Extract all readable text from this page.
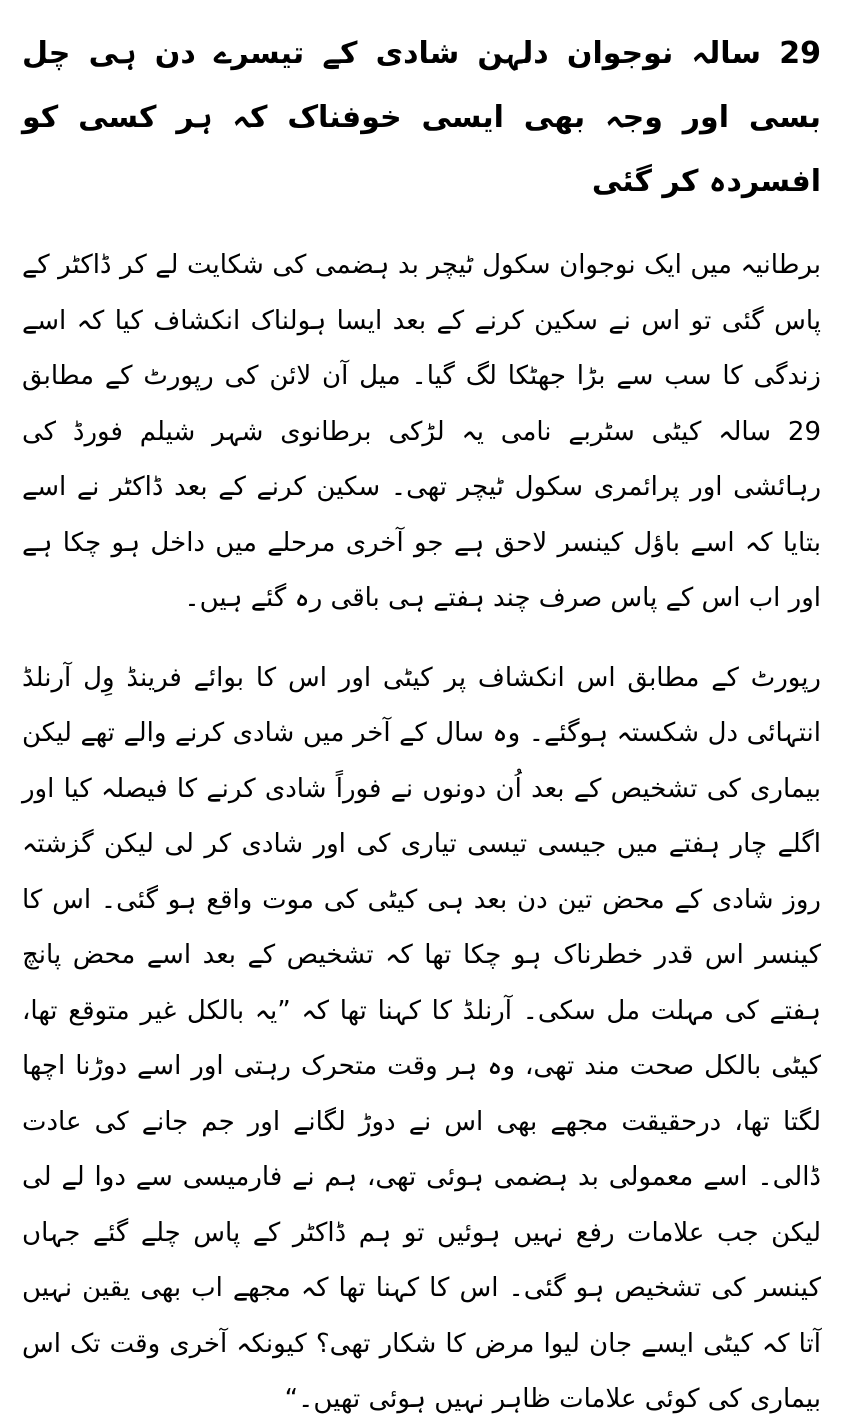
29 سالہ نوجوان دلہن شادی کے تیسرے دن ہی چل بسی اور وجہ بھی ایسی خوفناک کہ ہر کسی کو افسردہ کر گئی

برطانیہ میں ایک نوجوان سکول ٹیچر بد ہضمی کی شکایت لے کر ڈاکٹر کے پاس گئی تو اس نے سکین کرنے کے بعد ایسا ہولناک انکشاف کیا کہ اسے زندگی کا سب سے بڑا جھٹکا لگ گیا۔ میل آن لائن کی رپورٹ کے مطابق 29 سالہ کیٹی سٹربے نامی یہ لڑکی برطانوی شہر شیلم فورڈ کی رہائشی اور پرائمری سکول ٹیچر تھی۔ سکین کرنے کے بعد ڈاکٹر نے اسے بتایا کہ اسے باؤل کینسر لاحق ہے جو آخری مرحلے میں داخل ہو چکا ہے اور اب اس کے پاس صرف چند ہفتے ہی باقی رہ گئے ہیں۔

رپورٹ کے مطابق اس انکشاف پر کیٹی اور اس کا بوائے فرینڈ وِل آرنلڈ انتہائی دل شکستہ ہوگئے۔ وہ سال کے آخر میں شادی کرنے والے تھے لیکن بیماری کی تشخیص کے بعد اُن دونوں نے فوراً شادی کرنے کا فیصلہ کیا اور اگلے چار ہفتے میں جیسی تیسی تیاری کی اور شادی کر لی لیکن گزشتہ روز شادی کے محض تین دن بعد ہی کیٹی کی موت واقع ہو گئی۔ اس کا کینسر اس قدر خطرناک ہو چکا تھا کہ تشخیص کے بعد اسے محض پانچ ہفتے کی مہلت مل سکی۔ آرنلڈ کا کہنا تھا کہ ”یہ بالکل غیر متوقع تھا، کیٹی بالکل صحت مند تھی، وہ ہر وقت متحرک رہتی اور اسے دوڑنا اچھا لگتا تھا، درحقیقت مجھے بھی اس نے دوڑ لگانے اور جم جانے کی عادت ڈالی۔ اسے معمولی بد ہضمی ہوئی تھی، ہم نے فارمیسی سے دوا لے لی لیکن جب علامات رفع نہیں ہوئیں تو ہم ڈاکٹر کے پاس چلے گئے جہاں کینسر کی تشخیص ہو گئی۔ اس کا کہنا تھا کہ مجھے اب بھی یقین نہیں آتا کہ کیٹی ایسے جان لیوا مرض کا شکار تھی؟ کیونکہ آخری وقت تک اس بیماری کی کوئی علامات ظاہر نہیں ہوئی تھیں۔“
